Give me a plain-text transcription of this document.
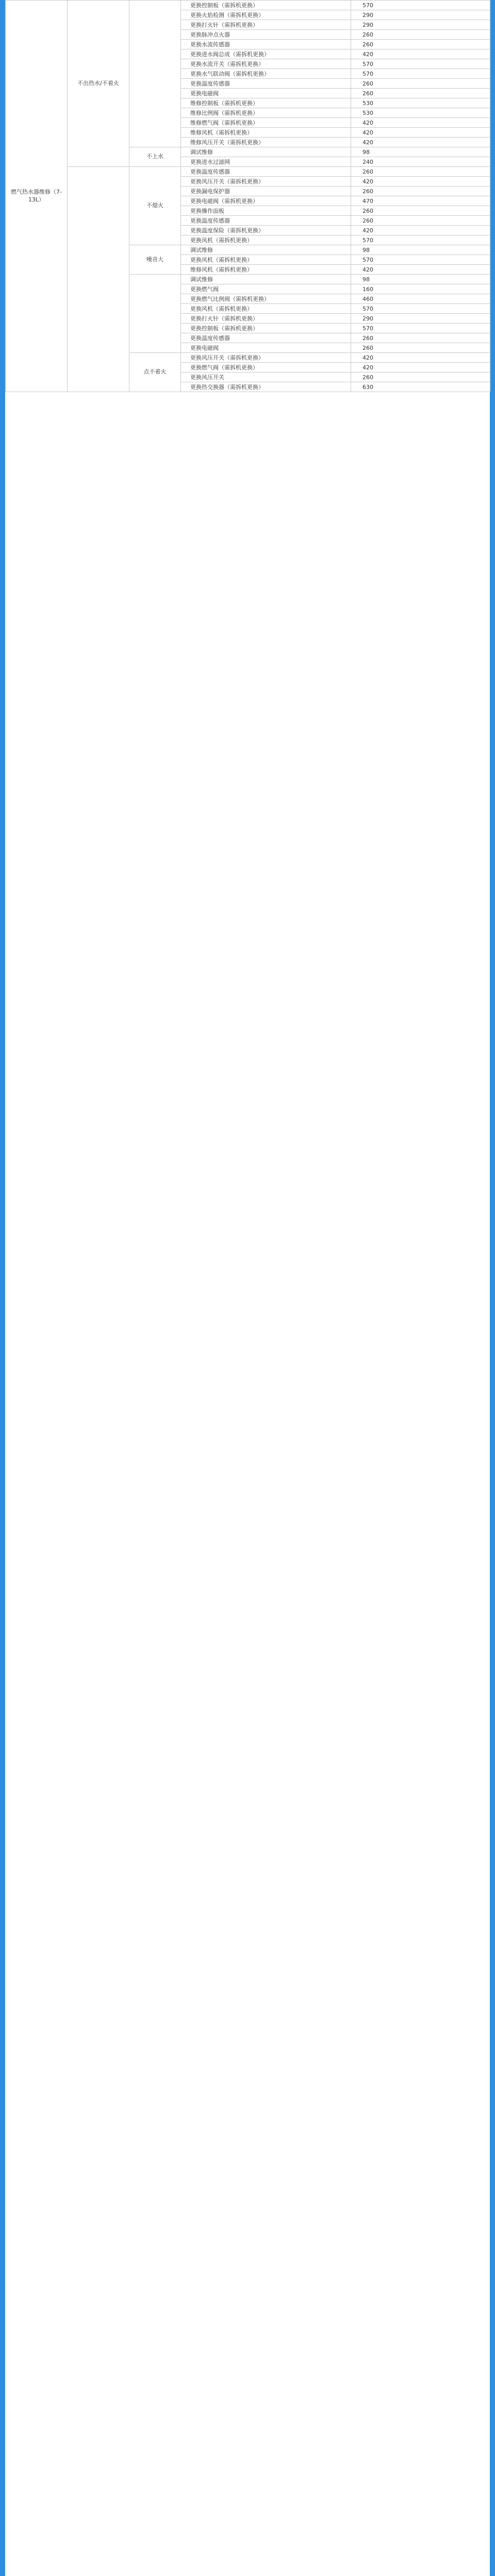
燃气热水器维修（7-13L）	不出热水/不着火		更换控制板（需拆机更换）	570
			更换火焰检测（需拆机更换）	290
			更换打火针（需拆机更换）	290
			更换脉冲点火器	260
			更换水流传感器	260
			更换进水阀总成（需拆机更换）	420
			更换水流开关（需拆机更换）	570
			更换水气联动阀（需拆机更换）	570
			更换温度传感器	260
			更换电磁阀	260
			维修控制板（需拆机更换）	530
			维修比例阀（需拆机更换）	530
			维修燃气阀（需拆机更换）	420
			维修风机（需拆机更换）	420
			维修风压开关（需拆机更换）	420
		不上水	调试维修	98
			更换进水过滤网	240
		不熄火	更换温度传感器	260
			更换风压开关（需拆机更换）	420
			更换漏电保护器	260
			更换电磁阀（需拆机更换）	470
			更换操作面板	260
			更换温度传感器	260
			更换温度保险（需拆机更换）	420
			更换风机（需拆机更换）	570
		噪音大	调试维修	98
			更换风机（需拆机更换）	570
			维修风机（需拆机更换）	420
			调试维修	98
			更换燃气阀	160
			更换燃气比例阀（需拆机更换）	460
			更换风机（需拆机更换）	570
			更换打火针（需拆机更换）	290
			更换控制板（需拆机更换）	570
			更换温度传感器	260
			更换电磁阀	260
		点不着火	更换风压开关（需拆机更换）	420
			更换燃气阀（需拆机更换）	420
			更换风压开关	260
			更换热交换器（需拆机更换）	630
